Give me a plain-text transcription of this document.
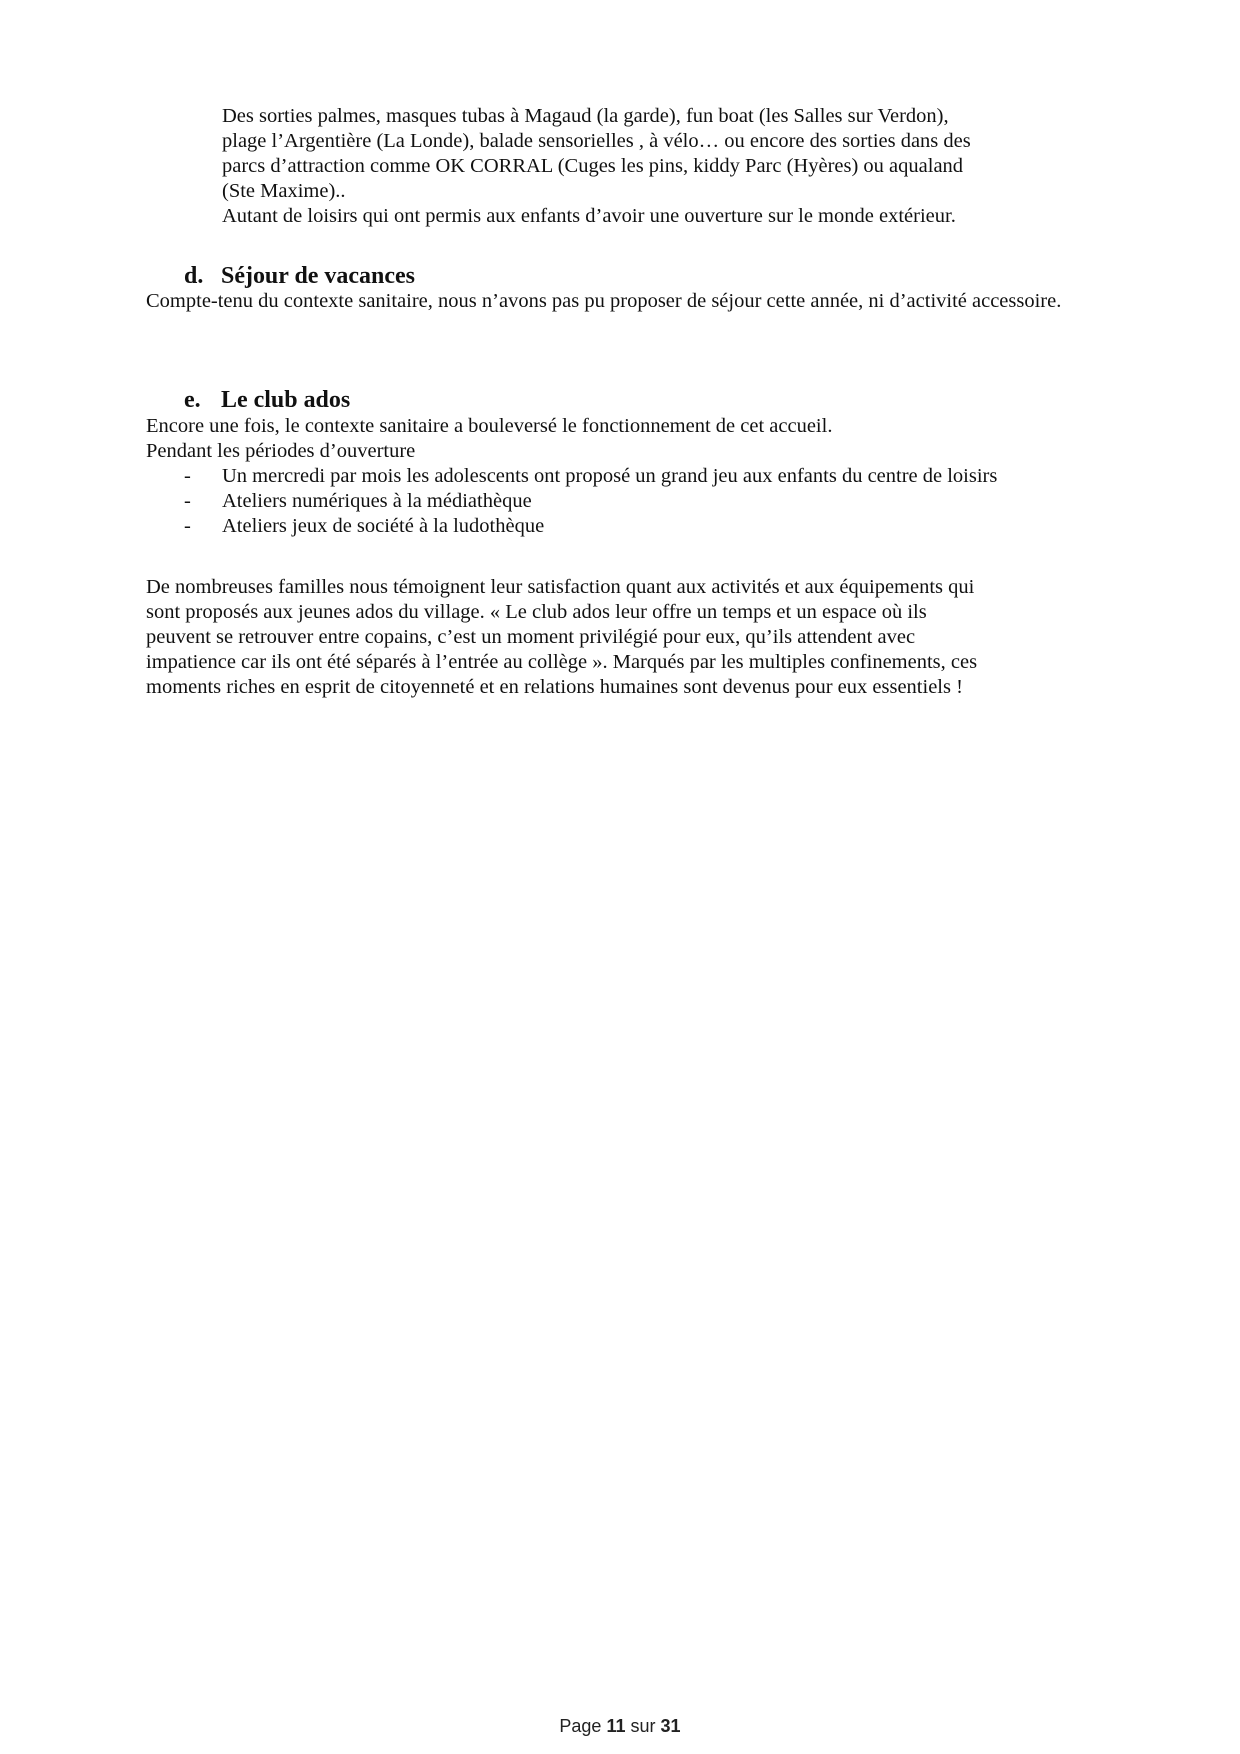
Des sorties palmes, masques tubas à Magaud (la garde), fun boat (les Salles sur Verdon),

plage l’Argentière (La Londe), balade sensorielles , à vélo… ou encore des sorties dans des

parcs d’attraction comme OK CORRAL (Cuges les pins, kiddy Parc (Hyères) ou aqualand

(Ste Maxime)..

Autant de loisirs qui ont permis aux enfants d’avoir une ouverture sur le monde extérieur.

d. Séjour de vacances

Compte-tenu du contexte sanitaire, nous n’avons pas pu proposer de séjour cette année, ni d’activité accessoire.

e. Le club ados

Encore une fois, le contexte sanitaire a bouleversé le fonctionnement de cet accueil.

Pendant les périodes d’ouverture

- Un mercredi par mois les adolescents ont proposé un grand jeu aux enfants du centre de loisirs
- Ateliers numériques à la médiathèque
- Ateliers jeux de société à la ludothèque
De nombreuses familles nous témoignent leur satisfaction quant aux activités et aux équipements qui
sont proposés aux jeunes ados du village. « Le club ados leur offre un temps et un espace où ils
peuvent se retrouver entre copains, c’est un moment privilégié pour eux, qu’ils attendent avec
impatience car ils ont été séparés à l’entrée au collège ». Marqués par les multiples confinements, ces
moments riches en esprit de citoyenneté et en relations humaines sont devenus pour eux essentiels !
Page 11 sur 31
